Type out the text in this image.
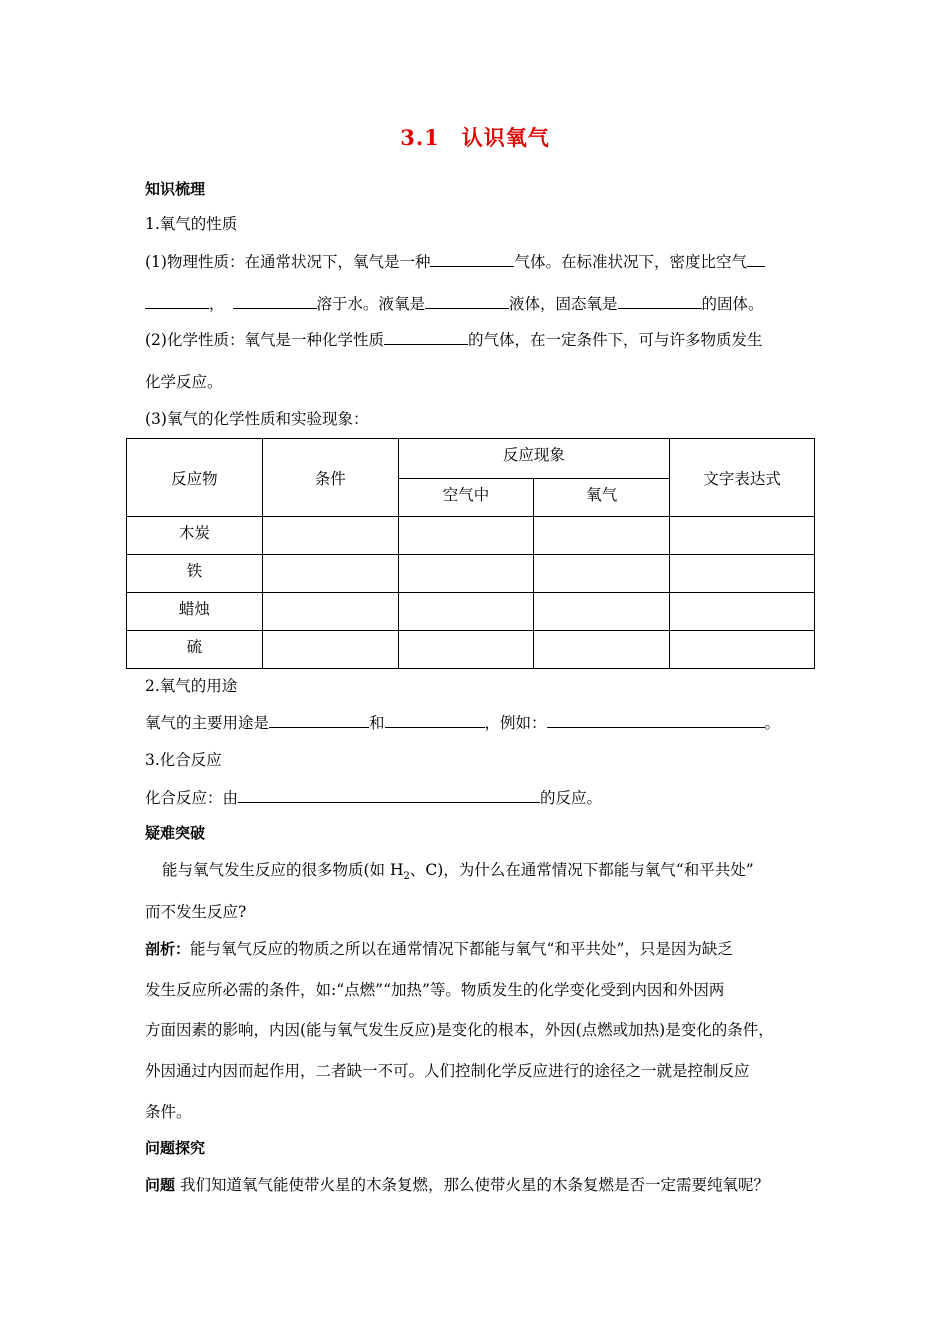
3.1　认识氧气
知识梳理
1.氧气的性质
(1)物理性质：在通常状况下，氧气是一种	气体。在标准状况下，密度比空气
，	溶于水。液氧是	液体，固态氧是	的固体。
(2)化学性质：氧气是一种化学性质	的气体，在一定条件下，可与许多物质发生
化学反应。
(3)氧气的化学性质和实验现象：
反应物	条件	反应现象		文字表达式
		空气中	氧气	
木炭				
铁				
蜡烛				
硫				
2.氧气的用途
氧气的主要用途是	和	，例如：	。
3.化合反应
化合反应：由	的反应。
疑难突破
能与氧气发生反应的很多物质(如 $H_2$、C)，为什么在通常情况下都能与氧气“和平共处”
而不发生反应?
剖析：能与氧气反应的物质之所以在通常情况下都能与氧气“和平共处”，只是因为缺乏
发生反应所必需的条件，如:“点燃”“加热”等。物质发生的化学变化受到内因和外因两
方面因素的影响，内因(能与氧气发生反应)是变化的根本，外因(点燃或加热)是变化的条件，
外因通过内因而起作用，二者缺一不可。人们控制化学反应进行的途径之一就是控制反应
条件。
问题探究
问题 我们知道氧气能使带火星的木条复燃，那么使带火星的木条复燃是否一定需要纯氧呢？
